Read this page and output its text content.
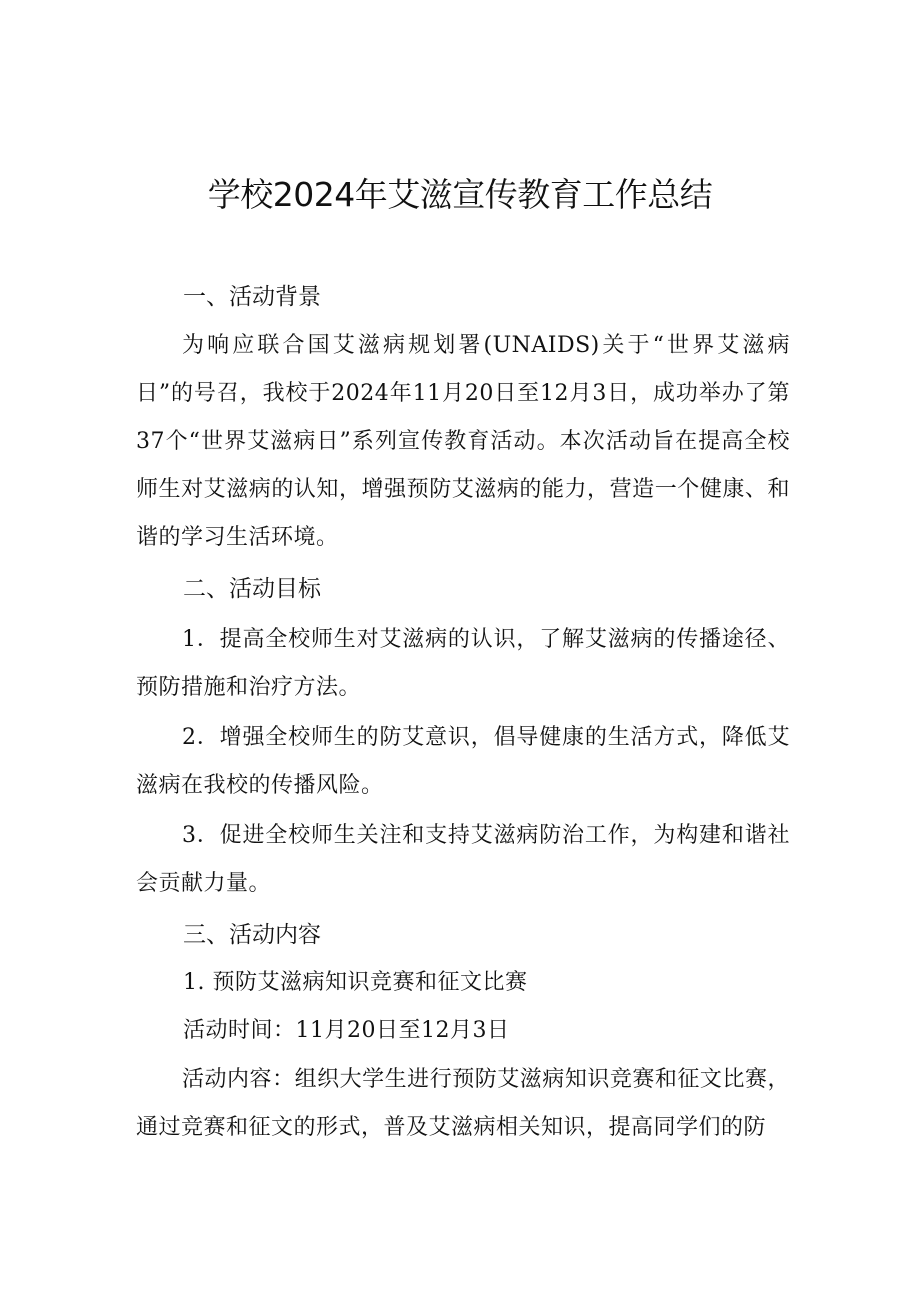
学校2024年艾滋宣传教育工作总结
一、活动背景

为响应联合国艾滋病规划署(UNAIDS)关于“世界艾滋病日”的号召，我校于2024年11月20日至12月3日，成功举办了第37个“世界艾滋病日”系列宣传教育活动。本次活动旨在提高全校师生对艾滋病的认知，增强预防艾滋病的能力，营造一个健康、和谐的学习生活环境。

二、活动目标

1．提高全校师生对艾滋病的认识，了解艾滋病的传播途径、预防措施和治疗方法。

2．增强全校师生的防艾意识，倡导健康的生活方式，降低艾滋病在我校的传播风险。

3．促进全校师生关注和支持艾滋病防治工作，为构建和谐社会贡献力量。

三、活动内容

1. 预防艾滋病知识竞赛和征文比赛

活动时间：11月20日至12月3日

活动内容：组织大学生进行预防艾滋病知识竞赛和征文比赛，通过竞赛和征文的形式，普及艾滋病相关知识，提高同学们的防
